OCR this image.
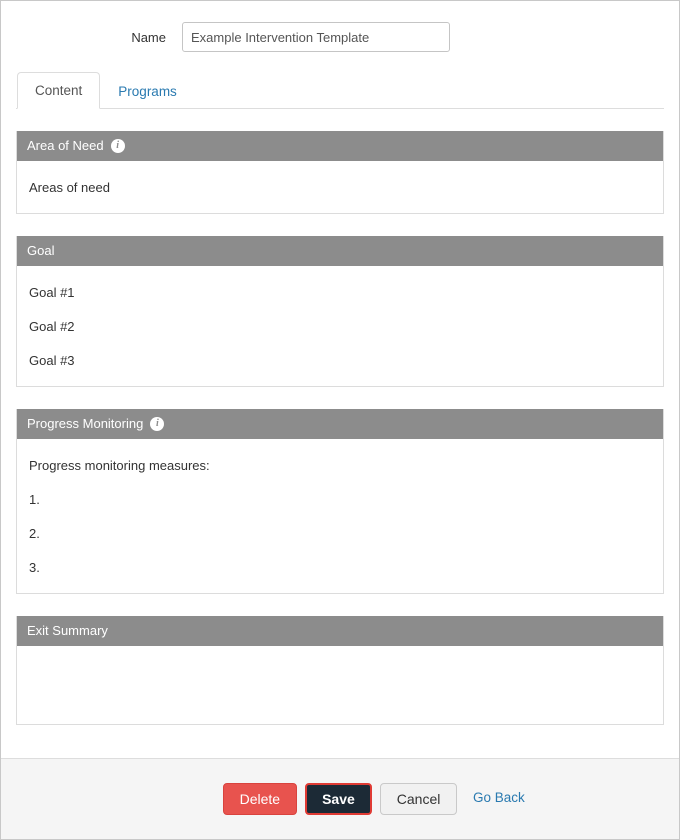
Name
Example Intervention Template
Content	Programs
Area of Need	i

Areas of need

Goal

Goal #1

Goal #2

Goal #3

Progress Monitoring	i

Progress monitoring measures:

1.

2.

3.

Exit Summary
Delete	Save	Cancel	Go Back
